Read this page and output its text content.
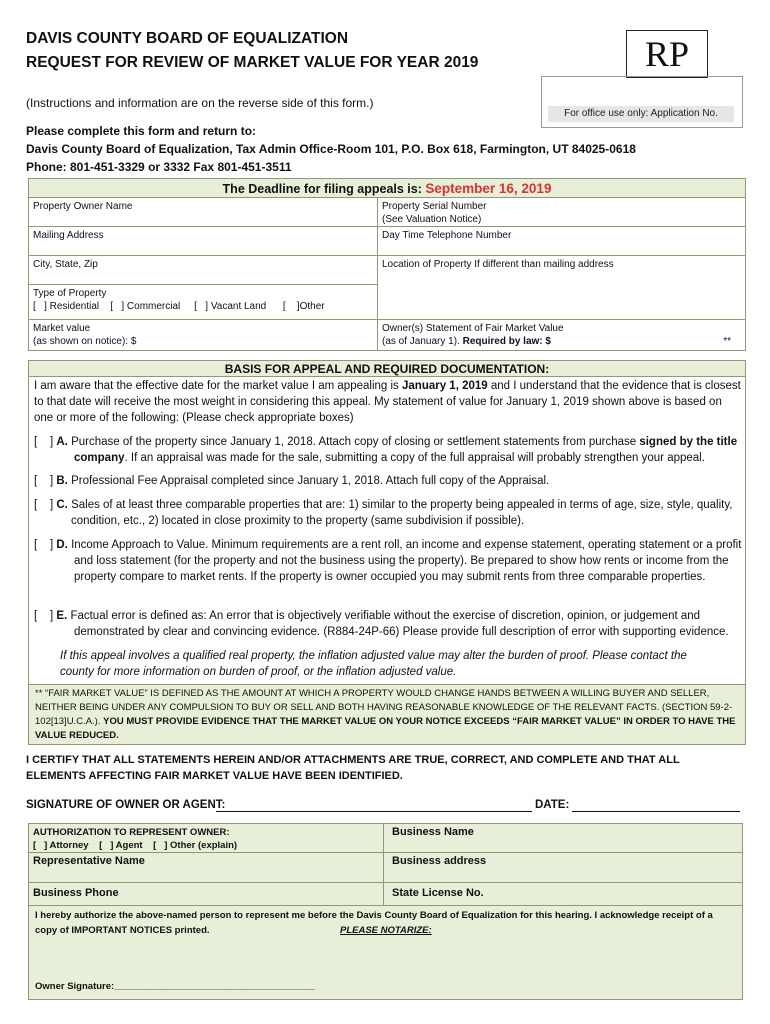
DAVIS COUNTY BOARD OF EQUALIZATION
REQUEST FOR REVIEW OF MARKET VALUE FOR YEAR 2019	RP
For office use only: Application No.
(Instructions and information are on the reverse side of this form.)
Please complete this form and return to:
Davis County Board of Equalization, Tax Admin Office-Room 101, P.O. Box 618, Farmington, UT 84025-0618
Phone: 801-451-3329 or 3332 Fax 801-451-3511
The Deadline for filing appeals is: September 16, 2019
Property Owner Name	Property Serial Number
(See Valuation Notice)
Mailing Address	Day Time Telephone Number
City, State, Zip	Location of Property If different than mailing address
Type of Property
[   ] Residential    [   ] Commercial     [   ] Vacant Land      [    ]Other
Market value
(as shown on notice): $
Owner(s) Statement of Fair Market Value
(as of January 1). Required by law: $	**
BASIS FOR APPEAL AND REQUIRED DOCUMENTATION:
I am aware that the effective date for the market value I am appealing is January 1, 2019 and I understand that the evidence that is closest to that date will receive the most weight in considering this appeal. My statement of value for January 1, 2019 shown above is based on one or more of the following: (Please check appropriate boxes)
[    ] A. Purchase of the property since January 1, 2018. Attach copy of closing or settlement statements from purchase signed by the title company. If an appraisal was made for the sale, submitting a copy of the full appraisal will probably strengthen your appeal.
[    ] B. Professional Fee Appraisal completed since January 1, 2018. Attach full copy of the Appraisal.
[    ] C. Sales of at least three comparable properties that are: 1) similar to the property being appealed in terms of age, size, style, quality, condition, etc., 2) located in close proximity to the property (same subdivision if possible).
[    ] D. Income Approach to Value. Minimum requirements are a rent roll, an income and expense statement, operating statement or a profit and loss statement (for the property and not the business using the property). Be prepared to show how rents or income from the property compare to market rents. If the property is owner occupied you may submit rents from three comparable properties.
[    ] E. Factual error is defined as: An error that is objectively verifiable without the exercise of discretion, opinion, or judgement and demonstrated by clear and convincing evidence. (R884-24P-66) Please provide full description of error with supporting evidence.
If this appeal involves a qualified real property, the inflation adjusted value may alter the burden of proof. Please contact the county for more information on burden of proof, or the inflation adjusted value.
** “FAIR MARKET VALUE” IS DEFINED AS THE AMOUNT AT WHICH A PROPERTY WOULD CHANGE HANDS BETWEEN A WILLING BUYER AND SELLER, NEITHER BEING UNDER ANY COMPULSION TO BUY OR SELL AND BOTH HAVING REASONABLE KNOWLEDGE OF THE RELEVANT FACTS. (SECTION 59-2-102[13]U.C.A.). YOU MUST PROVIDE EVIDENCE THAT THE MARKET VALUE ON YOUR NOTICE EXCEEDS “FAIR MARKET VALUE” IN ORDER TO HAVE THE VALUE REDUCED.
I CERTIFY THAT ALL STATEMENTS HEREIN AND/OR ATTACHMENTS ARE TRUE, CORRECT, AND COMPLETE AND THAT ALL ELEMENTS AFFECTING FAIR MARKET VALUE HAVE BEEN IDENTIFIED.
SIGNATURE OF OWNER OR AGENT:	DATE:
AUTHORIZATION TO REPRESENT OWNER:
[   ] Attorney    [   ] Agent    [   ] Other (explain)
Business Name
Representative Name	Business address
Business Phone	State License No.
I hereby authorize the above-named person to represent me before the Davis County Board of Equalization for this hearing. I acknowledge receipt of a copy of IMPORTANT NOTICES printed.	PLEASE NOTARIZE:
Owner Signature:______________________________________
